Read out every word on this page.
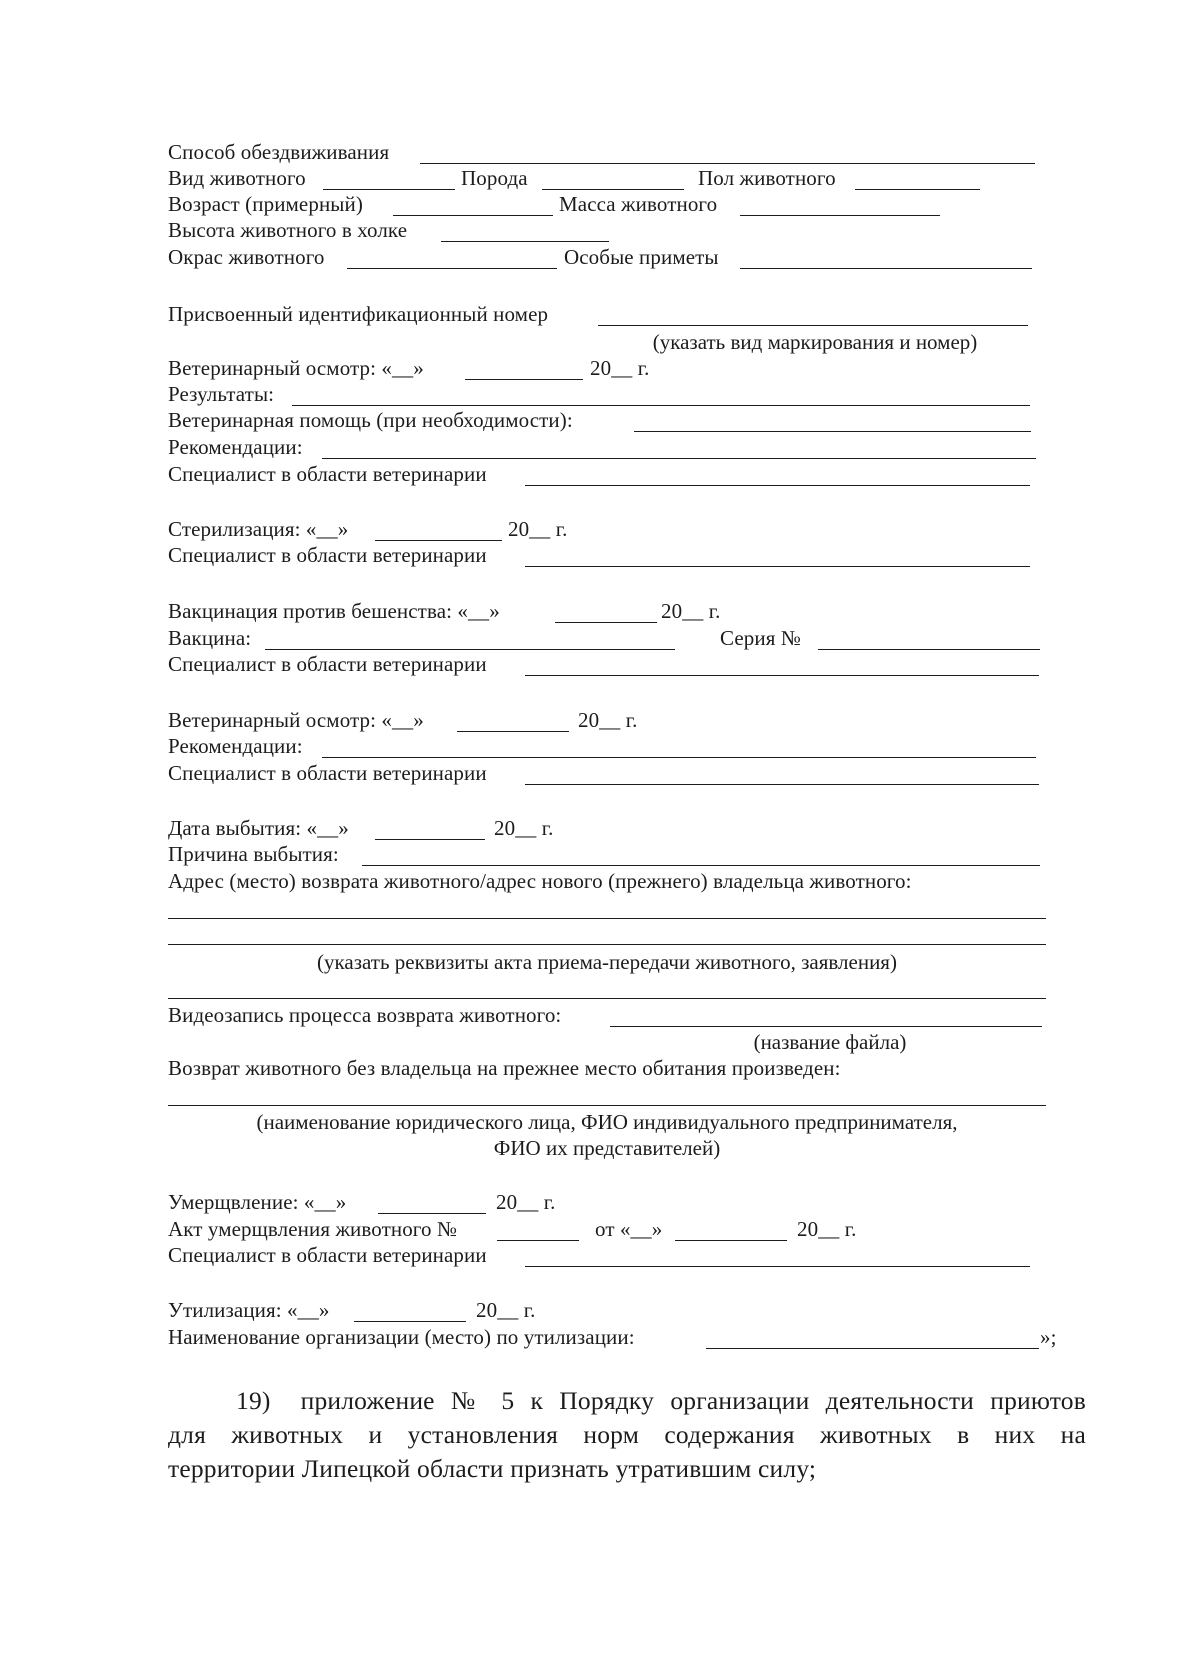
Способ обездвиживания
Вид животного	Порода	Пол животного
Возраст (примерный)	Масса животного
Высота животного в холке
Окрас животного	Особые приметы
Присвоенный идентификационный номер
(указать вид маркирования и номер)
Ветеринарный осмотр: «__»	20__ г.
Результаты:
Ветеринарная помощь (при необходимости):
Рекомендации:
Специалист в области ветеринарии
Стерилизация: «__»	20__ г.
Специалист в области ветеринарии
Вакцинация против бешенства: «__»	20__ г.
Вакцина:	Серия №
Специалист в области ветеринарии
Ветеринарный осмотр: «__»	20__ г.
Рекомендации:
Специалист в области ветеринарии
Дата выбытия: «__»	20__ г.
Причина выбытия:
Адрес (место) возврата животного/адрес нового (прежнего) владельца животного:
(указать реквизиты акта приема-передачи животного, заявления)
Видеозапись процесса возврата животного:
(название файла)
Возврат животного без владельца на прежнее место обитания произведен:
(наименование юридического лица, ФИО индивидуального предпринимателя,
ФИО их представителей)
Умерщвление: «__»	20__ г.
Акт умерщвления животного №	от «__»	20__ г.
Специалист в области ветеринарии
Утилизация: «__»	20__ г.
Наименование организации (место) по утилизации:	»;
19) приложение № 5 к Порядку организации деятельности приютов
для животных и установления норм содержания животных в них на
территории Липецкой области признать утратившим силу;
